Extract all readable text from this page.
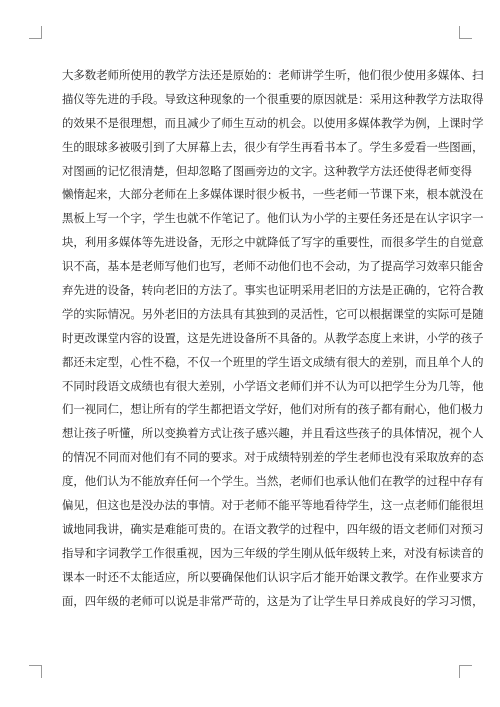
大多数老师所使用的教学方法还是原始的：老师讲学生听，他们很少使用多媒体、扫
描仪等先进的手段。导致这种现象的一个很重要的原因就是：采用这种教学方法取得
的效果不是很理想，而且减少了师生互动的机会。以使用多媒体教学为例，上课时学
生的眼球多被吸引到了大屏幕上去，很少有学生再看书本了。学生多爱看一些图画，
对图画的记忆很清楚，但却忽略了图画旁边的文字。这种教学方法还使得老师变得
懒惰起来，大部分老师在上多媒体课时很少板书，一些老师一节课下来，根本就没在
黑板上写一个字，学生也就不作笔记了。他们认为小学的主要任务还是在认字识字一
块，利用多媒体等先进设备，无形之中就降低了写字的重要性，而很多学生的自觉意
识不高，基本是老师写他们也写，老师不动他们也不会动，为了提高学习效率只能舍
弃先进的设备，转向老旧的方法了。事实也证明采用老旧的方法是正确的，它符合教
学的实际情况。另外老旧的方法具有其独到的灵活性，它可以根据课堂的实际可是随
时更改课堂内容的设置，这是先进设备所不具备的。从教学态度上来讲，小学的孩子
都还未定型，心性不稳，不仅一个班里的学生语文成绩有很大的差别，而且单个人的
不同时段语文成绩也有很大差别，小学语文老师们并不认为可以把学生分为几等，他
们一视同仁，想让所有的学生都把语文学好，他们对所有的孩子都有耐心，他们极力
想让孩子听懂，所以变换着方式让孩子感兴趣，并且看这些孩子的具体情况，视个人
的情况不同而对他们有不同的要求。对于成绩特别差的学生老师也没有采取放弃的态
度，他们认为不能放弃任何一个学生。当然，老师们也承认他们在教学的过程中存有
偏见，但这也是没办法的事情。对于老师不能平等地看待学生，这一点老师们能很坦
诚地同我讲，确实是难能可贵的。在语文教学的过程中，四年级的语文老师们对预习
指导和字词教学工作很重视，因为三年级的学生刚从低年级转上来，对没有标读音的
课本一时还不太能适应，所以要确保他们认识字后才能开始课文教学。在作业要求方
面，四年级的老师可以说是非常严苛的，这是为了让学生早日养成良好的学习习惯，
